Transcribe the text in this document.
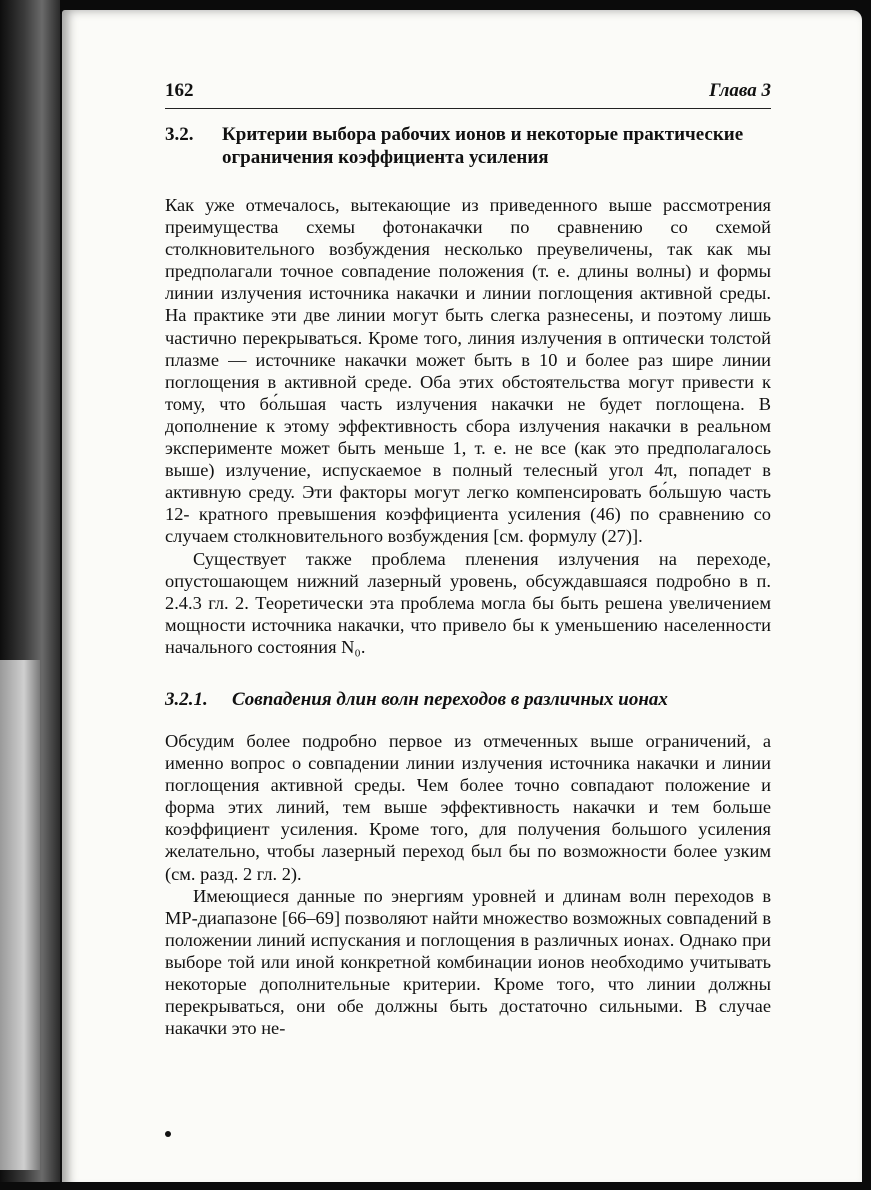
162	Глава 3
3.2.	Критерии выбора рабочих ионов и некоторые практические ограничения коэффициента усиления

Как уже отмечалось, вытекающие из приведенного выше рассмотрения преимущества схемы фотонакачки по сравнению со схемой столкновительного возбуждения несколько преувеличены, так как мы предполагали точное совпадение положения (т. е. длины волны) и формы линии излучения источника накачки и линии поглощения активной среды. На практике эти две линии могут быть слегка разнесены, и поэтому лишь частично перекрываться. Кроме того, линия излучения в оптически толстой плазме — источнике накачки может быть в 10 и более раз шире линии поглощения в активной среде. Оба этих обстоятельства могут привести к тому, что бо́льшая часть излучения накачки не будет поглощена. В дополнение к этому эффективность сбора излучения накачки в реальном эксперименте может быть меньше 1, т. е. не все (как это предполагалось выше) излучение, испускаемое в полный телесный угол 4π, попадет в активную среду. Эти факторы могут легко компенсировать бо́льшую часть 12- кратного превышения коэффициента усиления (46) по сравнению со случаем столкновительного возбуждения [см. формулу (27)].

Существует также проблема пленения излучения на переходе, опустошающем нижний лазерный уровень, обсуждавшаяся подробно в п. 2.4.3 гл. 2. Теоретически эта проблема могла бы быть решена увеличением мощности источника накачки, что привело бы к уменьшению населенности начального состояния N₀.

3.2.1.	Совпадения длин волн переходов в различных ионах

Обсудим более подробно первое из отмеченных выше ограничений, а именно вопрос о совпадении линии излучения источника накачки и линии поглощения активной среды. Чем более точно совпадают положение и форма этих линий, тем выше эффективность накачки и тем больше коэффициент усиления. Кроме того, для получения большого усиления желательно, чтобы лазерный переход был бы по возможности более узким (см. разд. 2 гл. 2).

Имеющиеся данные по энергиям уровней и длинам волн переходов в МР-диапазоне [66–69] позволяют найти множество возможных совпадений в положении линий испускания и поглощения в различных ионах. Однако при выборе той или иной конкретной комбинации ионов необходимо учитывать некоторые дополнительные критерии. Кроме того, что линии должны перекрываться, они обе должны быть достаточно сильными. В случае накачки это не-
